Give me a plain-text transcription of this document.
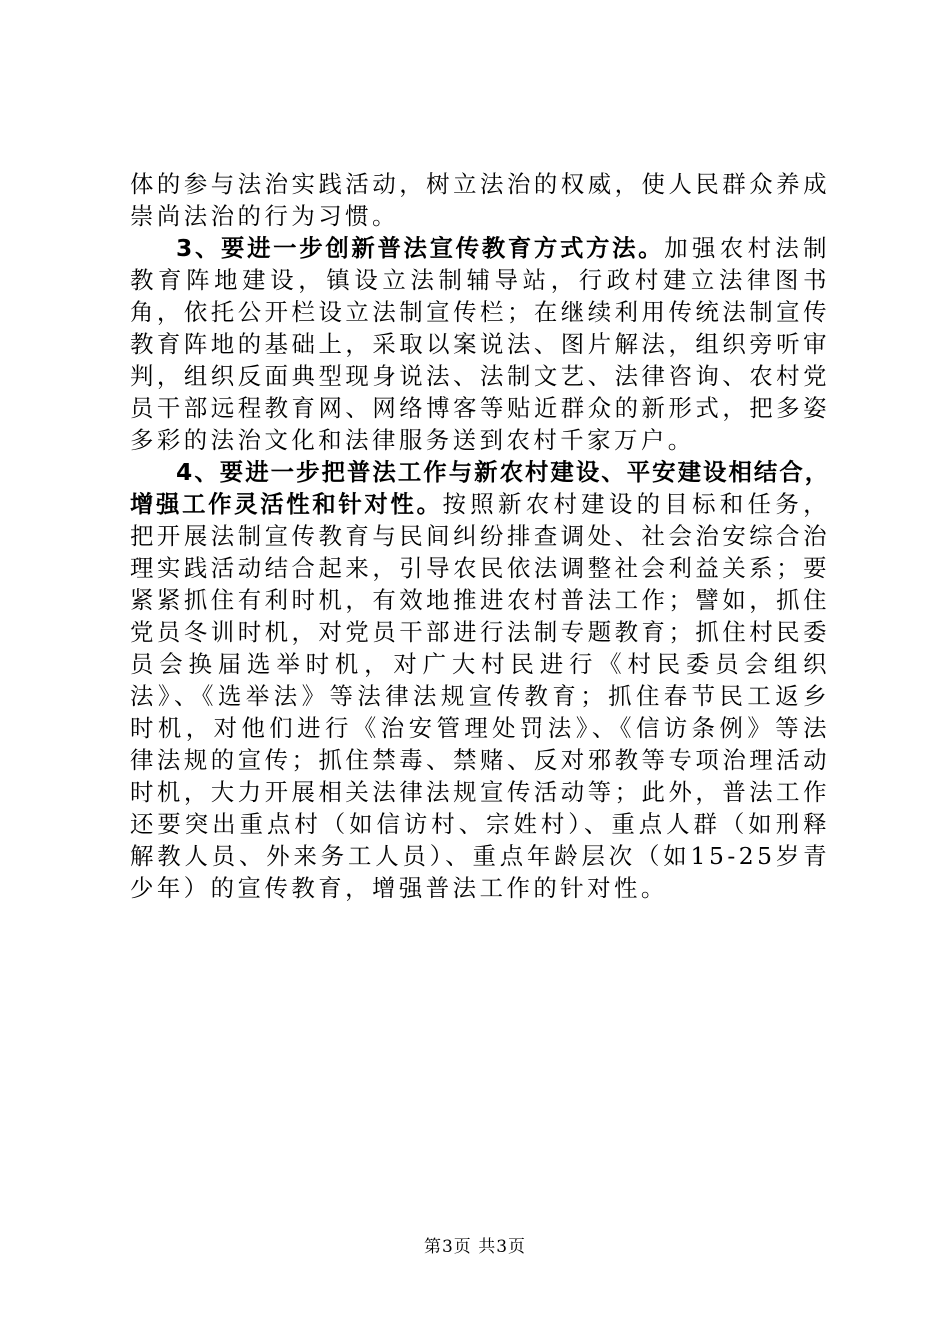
体的参与法治实践活动，树立法治的权威，使人民群众养成崇尚法治的行为习惯。

3、要进一步创新普法宣传教育方式方法。加强农村法制教育阵地建设，镇设立法制辅导站，行政村建立法律图书角，依托公开栏设立法制宣传栏；在继续利用传统法制宣传教育阵地的基础上，采取以案说法、图片解法，组织旁听审判，组织反面典型现身说法、法制文艺、法律咨询、农村党员干部远程教育网、网络博客等贴近群众的新形式，把多姿多彩的法治文化和法律服务送到农村千家万户。

4、要进一步把普法工作与新农村建设、平安建设相结合，增强工作灵活性和针对性。按照新农村建设的目标和任务，把开展法制宣传教育与民间纠纷排查调处、社会治安综合治理实践活动结合起来，引导农民依法调整社会利益关系；要紧紧抓住有利时机，有效地推进农村普法工作；譬如，抓住党员冬训时机，对党员干部进行法制专题教育；抓住村民委员会换届选举时机，对广大村民进行《村民委员会组织法》、《选举法》等法律法规宣传教育；抓住春节民工返乡时机，对他们进行《治安管理处罚法》、《信访条例》等法律法规的宣传；抓住禁毒、禁赌、反对邪教等专项治理活动时机，大力开展相关法律法规宣传活动等；此外，普法工作还要突出重点村（如信访村、宗姓村）、重点人群（如刑释解教人员、外来务工人员）、重点年龄层次（如15-25岁青少年）的宣传教育，增强普法工作的针对性。

第3页 共3页
